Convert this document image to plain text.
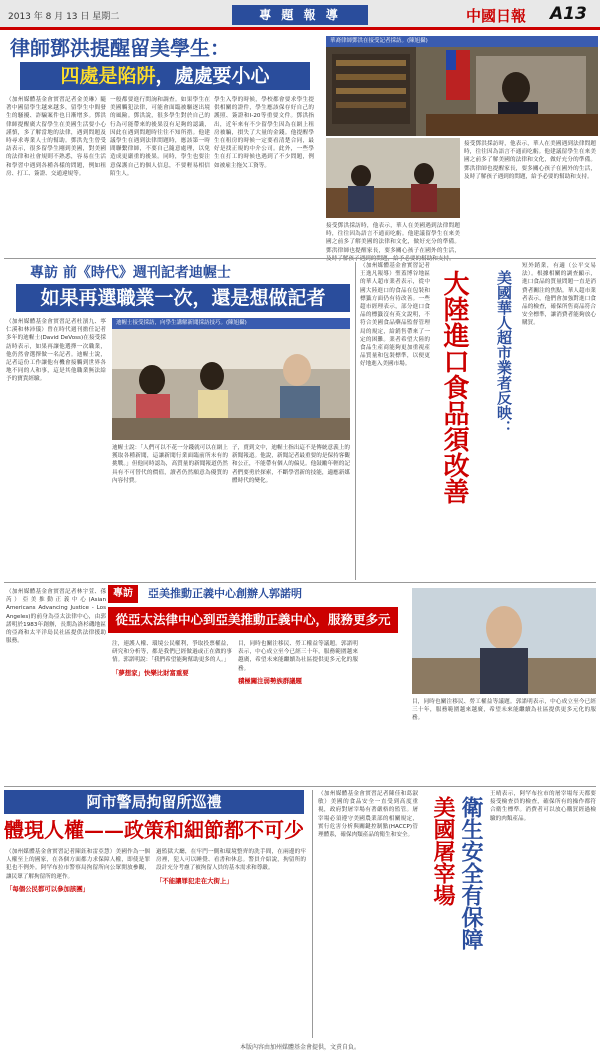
2013 年 8 月 13 日 星期二	專 題 報 導	中國日報 A13
律師鄧洪提醒留美學生：
四處是陷阱，處處要小心
華裔律師鄧洪在接受記者採訪。(陳旭攝)
（加州媒體基金會實習記者金美琳）隨著中國留學生越來越多，留學生中間發生的騷擾、詐騙案件也日漸增多。鄧洪律師提醒廣大留學生在美國生活要小心謹慎，多了解當地的法律，遇到問題及時尋求專業人士的幫助。鄧洪先生曾受訪表示，很多留學生剛到美國，對美國的法律和社會規則不熟悉，容易在生活和學習中遇到各種各樣的問題，例如租房、打工、簽證、交通違規等。
一般都要進行問詢和調查。如果學生在美國觸犯法律，可能會面臨被驅逐出境的風險。鄧洪說，很多學生對於自己的行為可能帶來的後果沒有足夠的認識，因此在遇到問題時往往不知所措。他建議學生在遇到法律問題時，應該第一時間聯繫律師，不要自己隨意處理，以免造成更嚴重的後果。同時，學生也要注意保護自己的個人信息，不要輕易相信陌生人。
學生入學的時候，學校都會要求學生提供相關的證件，學生應該保存好自己的護照、簽證和I-20等重要文件。鄧洪指出，近年來有不少留學生因為在網上租房被騙，損失了大量的金錢。他提醒學生在租房的時候一定要看清楚合同，最好是找正規的中介公司。此外，一些學生在打工的時候也遇到了不少問題，例如被雇主拖欠工資等。
接受鄧洪採訪時，他表示，華人在美國遇到法律問題時，往往因為語言不通而吃虧。他建議留學生在來美國之前多了解美國的法律和文化，做好充分的準備。鄧洪律師也提醒家長，要多關心孩子在國外的生活，
接受鄧洪採訪時，他表示，華人在美國遇到法律問題時，往往因為語言不通而吃虧。他建議留學生在來美國之前多了解美國的法律和文化，做好充分的準備。鄧洪律師也提醒家長，要多關心孩子在國外的生活，及時了解孩子遇到的問題，給予必要的幫助和支持。
專訪 前《時代》週刊記者迪幄士
如果再選職業一次，還是想做記者
（加州媒體基金會實習記者杜濱九、寧仁溪和林沛儀）曾在時代週刊擔任記者多年的迪幄士(David DeVoss)在接受採訪時表示，如果再讓他選擇一次職業，他仍然會選擇做一名記者。迪幄士說，記者這份工作讓他有機會接觸到世界各地不同的人和事，這是其他職業無法給予的寶貴經驗。
迪幄士接受採訪，向學生講解新聞採訪技巧。(陳旭攝)
迪幄士說：「人們可以不花一分錢就可以在網上獲取各種新聞，這讓新聞行業面臨前所未有的挑戰。」但他同時認為，高質量的新聞報道仍然具有不可替代的價值，讀者仍然願意為優質的內容付費。
子，賣到文中，迪幄士指出這不是傳統意義上的新聞報道。他說，新聞記者最重要的是保持客觀和公正，不能帶有個人的偏見。他鼓勵年輕的記者們要勇於探索，不斷學習新的技能，適應新媒體時代的變化。
（加州媒體基金會實習記者王逸凡報導）聖蓋博谷地區的華人超市業者表示，從中國大陸進口的食品在包裝和標籤方面仍有待改善。一些超市經理表示，部分進口食品的標籤沒有英文說明，不符合美國食品藥品監督管理局的規定，給銷售帶來了一定的困難。業者希望大陸的食品生產商能夠更加重視產品質量和包裝標準，以便更好地進入美國市場。	美國華人超市業者反映：
大陸進口食品須改善
短外銷業，有適（公平交易法）。根據相關的調查顯示，進口食品的質量問題一直是消費者關注的焦點。華人超市業者表示，他們會加強對進口食品的檢查，確保所售商品符合安全標準，讓消費者能夠放心購買。
（加州媒體基金會實習記者林宇萱、孫芮）亞美推動正義中心(Asian Americans Advancing Justice - Los Angeles)的前身為亞太法律中心，由郭諾明於1983年創辦，長期為洛杉磯地區的亞裔和太平洋島民社區提供法律援助服務。
專訪	亞美推動正義中心創辦人郭諾明
從亞太法律中心到亞美推動正義中心，服務更多元
注，連護人權、環境公民權利，爭取投票權益，研究和分析等，都是我們已經做過或正在做的事情。郭諾明說：「我們希望能夠幫助更多的人。」
「夢想家」快樂比財富重要
目，同時也關注移民、勞工權益等議題。郭諾明表示，中心成立至今已經三十年，服務範圍越來越廣，希望未來能繼續為社區提供更多元化的服務。
積極關注弱勢族群議題
目，同時也關注移民、勞工權益等議題。郭諾明表示，中心成立至今已經三十年，服務範圍越來越廣，希望未來能繼續為社區提供更多元化的服務。
阿市警局拘留所巡禮
體現人權——政策和細節都不可少
（加州媒體基金會實習記者陳鈺和雷亞慧）美國作為一個人權至上的國家，在各個方面都力求保障人權，即使是罪犯也不例外。阿罕布拉市警察局拘留所向公眾開放參觀，讓民眾了解拘留所的運作。
「每個公民都可以參加該團」
過監獄大廳，在牢門一側和環境整齊的洗手間，在兩邊的牢房裡，犯人可以睡覺、看書和休息。警員介紹說，拘留所的設計充分考慮了被拘留人員的基本需求和尊嚴。
「不能讓罪犯走在大街上」
（加州媒體基金會實習記者陳佳和葛淑敏）美國的食品安全一直受到高度重視，政府對屠宰場有著嚴格的監管。屠宰場必須遵守美國農業部的相關規定，實行危害分析與關鍵控制點(HACCP)管理體系，確保肉類產品的衛生和安全。 美國屠宰場 衛生安全有保障
王晴表示，阿罕布拉市的屠宰場每天都要接受檢查員的檢查，確保所有的操作都符合衛生標準。消費者可以放心購買經過檢驗的肉類產品。
本版內容由加州媒體基金會提供，文責自負。
